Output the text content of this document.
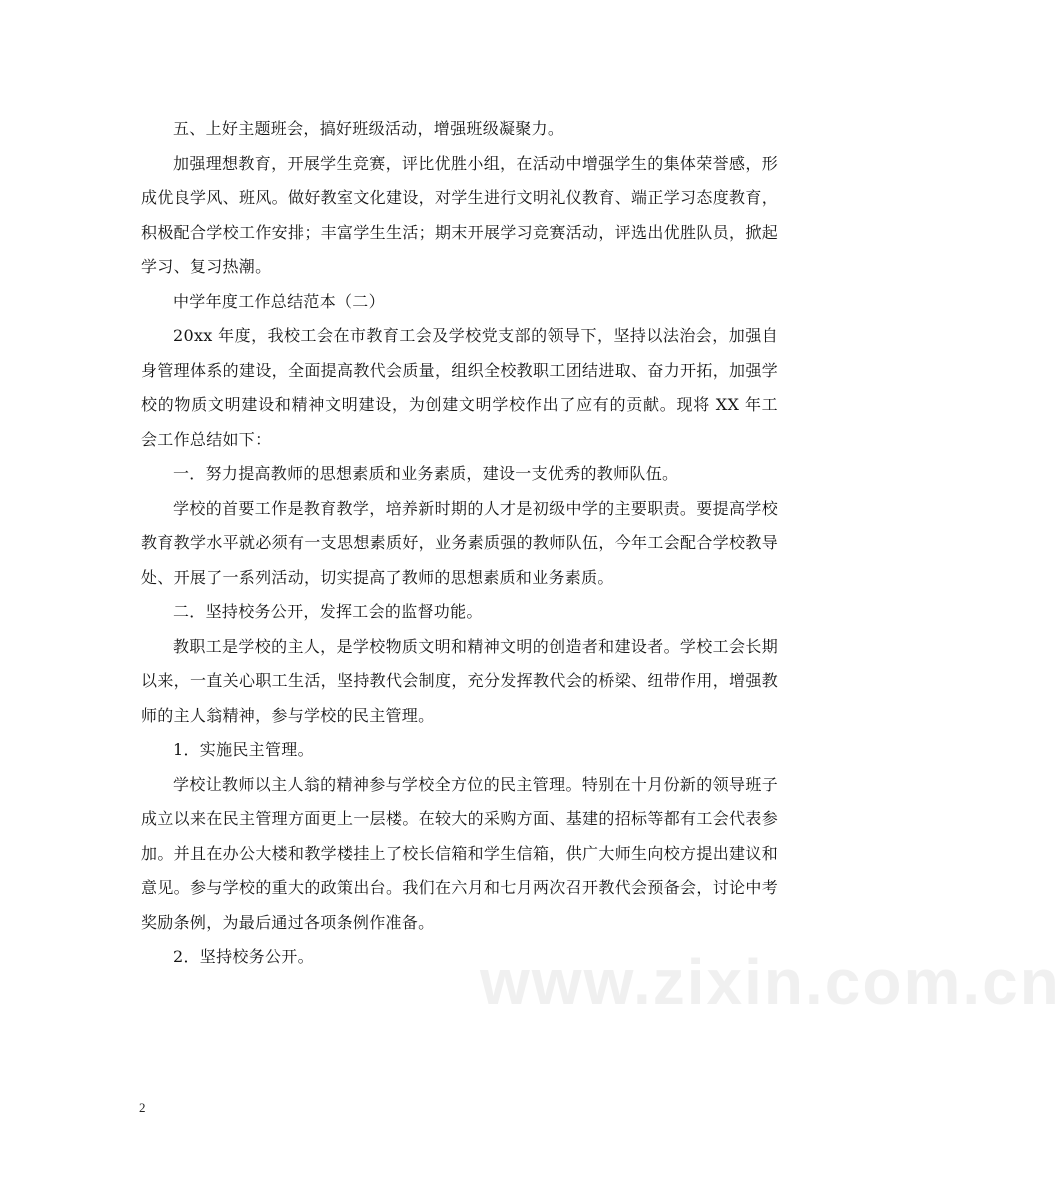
五、上好主题班会，搞好班级活动，增强班级凝聚力。

加强理想教育，开展学生竞赛，评比优胜小组，在活动中增强学生的集体荣誉感，形成优良学风、班风。做好教室文化建设，对学生进行文明礼仪教育、端正学习态度教育，积极配合学校工作安排；丰富学生生活；期末开展学习竞赛活动，评选出优胜队员，掀起学习、复习热潮。

中学年度工作总结范本（二）

20xx 年度，我校工会在市教育工会及学校党支部的领导下，坚持以法治会，加强自身管理体系的建设，全面提高教代会质量，组织全校教职工团结进取、奋力开拓，加强学校的物质文明建设和精神文明建设，为创建文明学校作出了应有的贡献。现将 XX 年工会工作总结如下：

一．努力提高教师的思想素质和业务素质，建设一支优秀的教师队伍。

学校的首要工作是教育教学，培养新时期的人才是初级中学的主要职责。要提高学校教育教学水平就必须有一支思想素质好，业务素质强的教师队伍，今年工会配合学校教导处、开展了一系列活动，切实提高了教师的思想素质和业务素质。

二．坚持校务公开，发挥工会的监督功能。

教职工是学校的主人，是学校物质文明和精神文明的创造者和建设者。学校工会长期以来，一直关心职工生活，坚持教代会制度，充分发挥教代会的桥梁、纽带作用，增强教师的主人翁精神，参与学校的民主管理。

1．实施民主管理。

学校让教师以主人翁的精神参与学校全方位的民主管理。特别在十月份新的领导班子成立以来在民主管理方面更上一层楼。在较大的采购方面、基建的招标等都有工会代表参加。并且在办公大楼和教学楼挂上了校长信箱和学生信箱，供广大师生向校方提出建议和意见。参与学校的重大的政策出台。我们在六月和七月两次召开教代会预备会，讨论中考奖励条例，为最后通过各项条例作准备。

2．坚持校务公开。	www.zixin.com.cn
2
